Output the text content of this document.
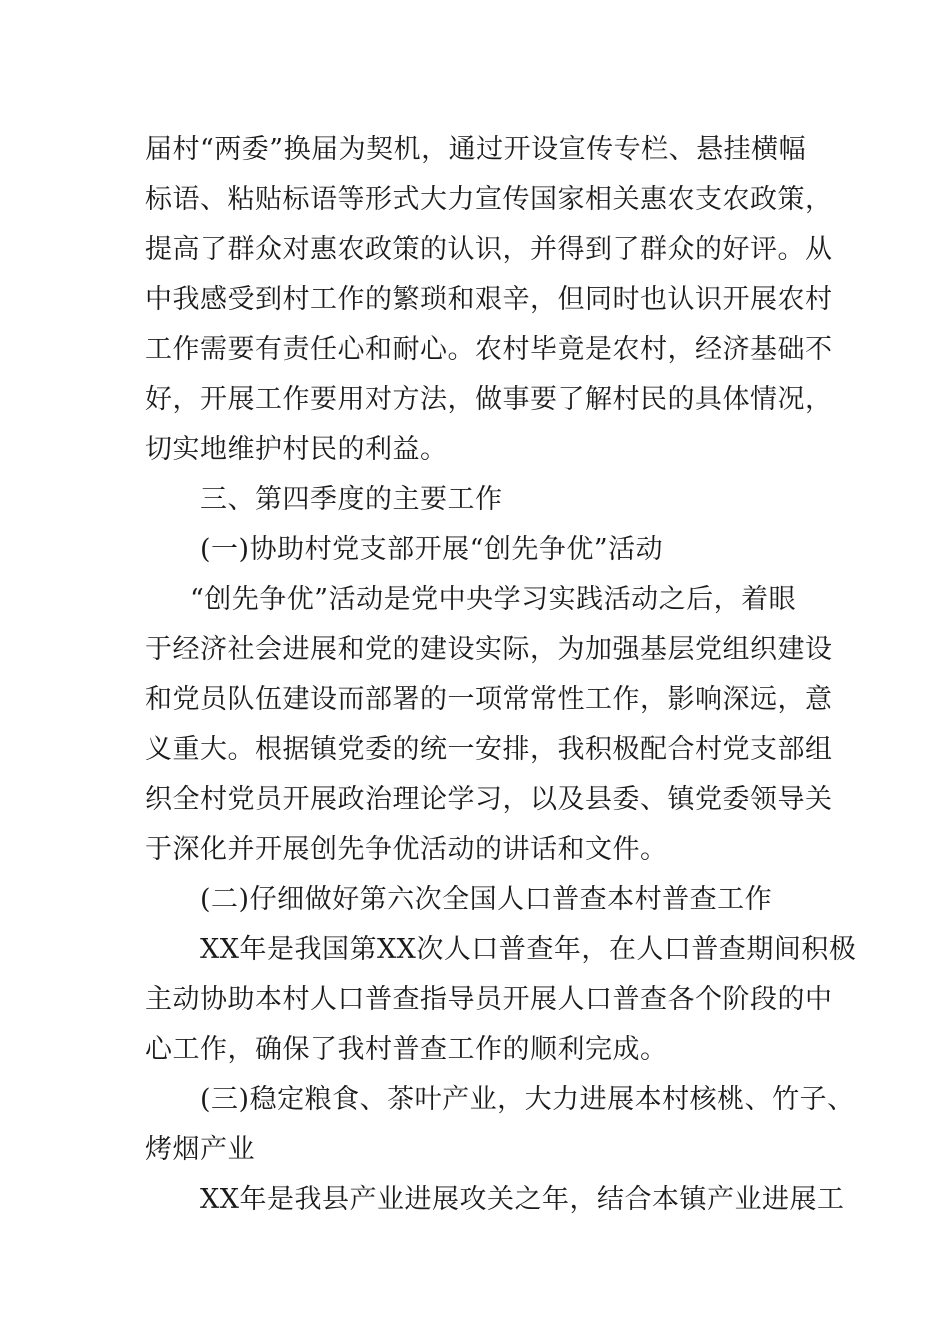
届村“两委”换届为契机，通过开设宣传专栏、悬挂横幅
标语、粘贴标语等形式大力宣传国家相关惠农支农政策，
提高了群众对惠农政策的认识，并得到了群众的好评。从
中我感受到村工作的繁琐和艰辛，但同时也认识开展农村
工作需要有责任心和耐心。农村毕竟是农村，经济基础不
好，开展工作要用对方法，做事要了解村民的具体情况，
切实地维护村民的利益。
三、第四季度的主要工作
(一)协助村党支部开展“创先争优”活动
“创先争优”活动是党中央学习实践活动之后，着眼
于经济社会进展和党的建设实际，为加强基层党组织建设
和党员队伍建设而部署的一项常常性工作，影响深远，意
义重大。根据镇党委的统一安排，我积极配合村党支部组
织全村党员开展政治理论学习，以及县委、镇党委领导关
于深化并开展创先争优活动的讲话和文件。
(二)仔细做好第六次全国人口普查本村普查工作
XX年是我国第XX次人口普查年，在人口普查期间积极
主动协助本村人口普查指导员开展人口普查各个阶段的中
心工作，确保了我村普查工作的顺利完成。
(三)稳定粮食、茶叶产业，大力进展本村核桃、竹子、
烤烟产业
XX年是我县产业进展攻关之年，结合本镇产业进展工
